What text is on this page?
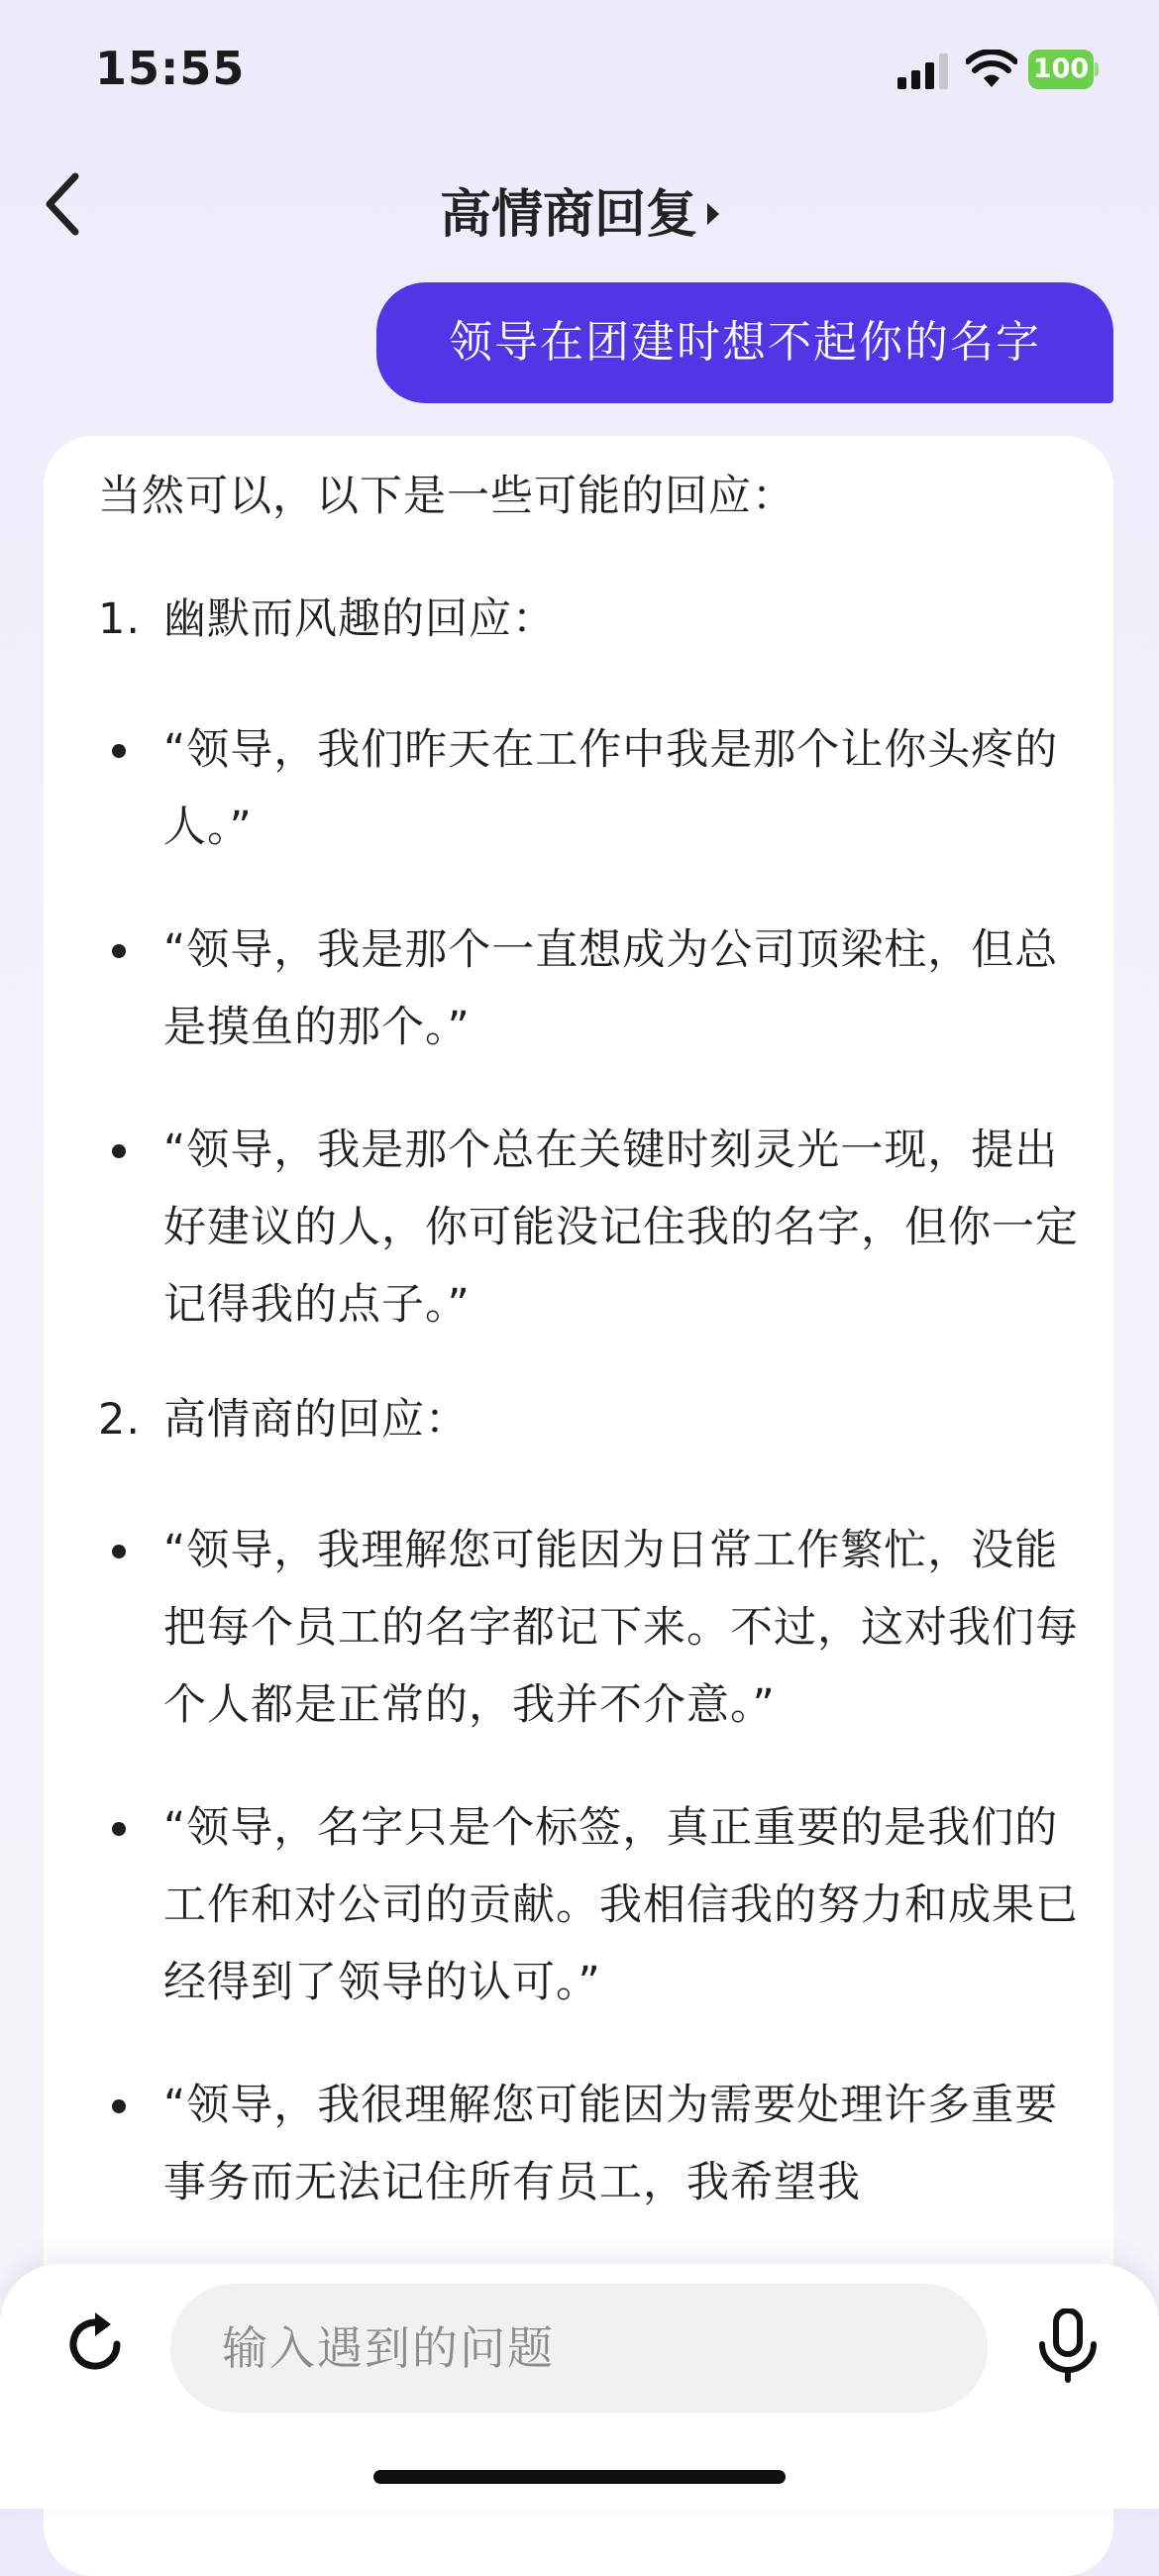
15:55	100
高情商回复
领导在团建时想不起你的名字

当然可以，以下是一些可能的回应：

1. 幽默而风趣的回应：

“领导，我们昨天在工作中我是那个让你头疼的人。”
“领导，我是那个一直想成为公司顶梁柱，但总是摸鱼的那个。”
“领导，我是那个总在关键时刻灵光一现，提出好建议的人，你可能没记住我的名字，但你一定记得我的点子。”

2. 高情商的回应：

“领导，我理解您可能因为日常工作繁忙，没能把每个员工的名字都记下来。不过，这对我们每个人都是正常的，我并不介意。”
“领导，名字只是个标签，真正重要的是我们的工作和对公司的贡献。我相信我的努力和成果已经得到了领导的认可。”
“领导，我很理解您可能因为需要处理许多重要事务而无法记住所有员工，我希望我
输入遇到的问题
